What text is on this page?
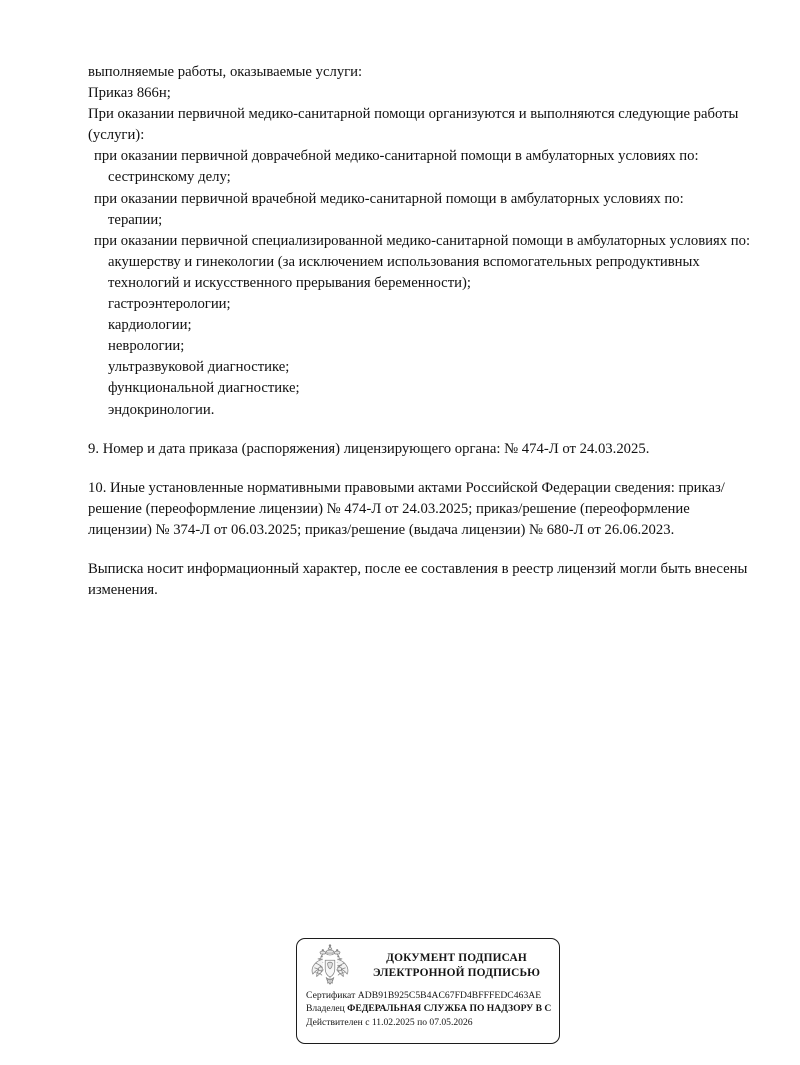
выполняемые работы, оказываемые услуги:
Приказ 866н;
При оказании первичной медико-санитарной помощи организуются и выполняются следующие работы (услуги):
при оказании первичной доврачебной медико-санитарной помощи в амбулаторных условиях по:
сестринскому делу;
при оказании первичной врачебной медико-санитарной помощи в амбулаторных условиях по:
терапии;
при оказании первичной специализированной медико-санитарной помощи в амбулаторных условиях по:
акушерству и гинекологии (за исключением использования вспомогательных репродуктивных технологий и искусственного прерывания беременности);
гастроэнтерологии;
кардиологии;
неврологии;
ультразвуковой диагностике;
функциональной диагностике;
эндокринологии.
9. Номер и дата приказа (распоряжения) лицензирующего органа: № 474-Л от 24.03.2025.
10. Иные установленные нормативными правовыми актами Российской Федерации сведения: приказ/решение (переоформление лицензии) № 474-Л от 24.03.2025; приказ/решение (переоформление лицензии) № 374-Л от 06.03.2025; приказ/решение (выдача лицензии) № 680-Л от 26.06.2023.
Выписка носит информационный характер, после ее составления в реестр лицензий могли быть внесены изменения.
ДОКУМЕНТ ПОДПИСАН
ЭЛЕКТРОННОЙ ПОДПИСЬЮ
Сертификат ADB91B925C5B4AC67FD4BFFFEDC463AE
Владелец ФЕДЕРАЛЬНАЯ СЛУЖБА ПО НАДЗОРУ В С
Действителен с 11.02.2025 по 07.05.2026
